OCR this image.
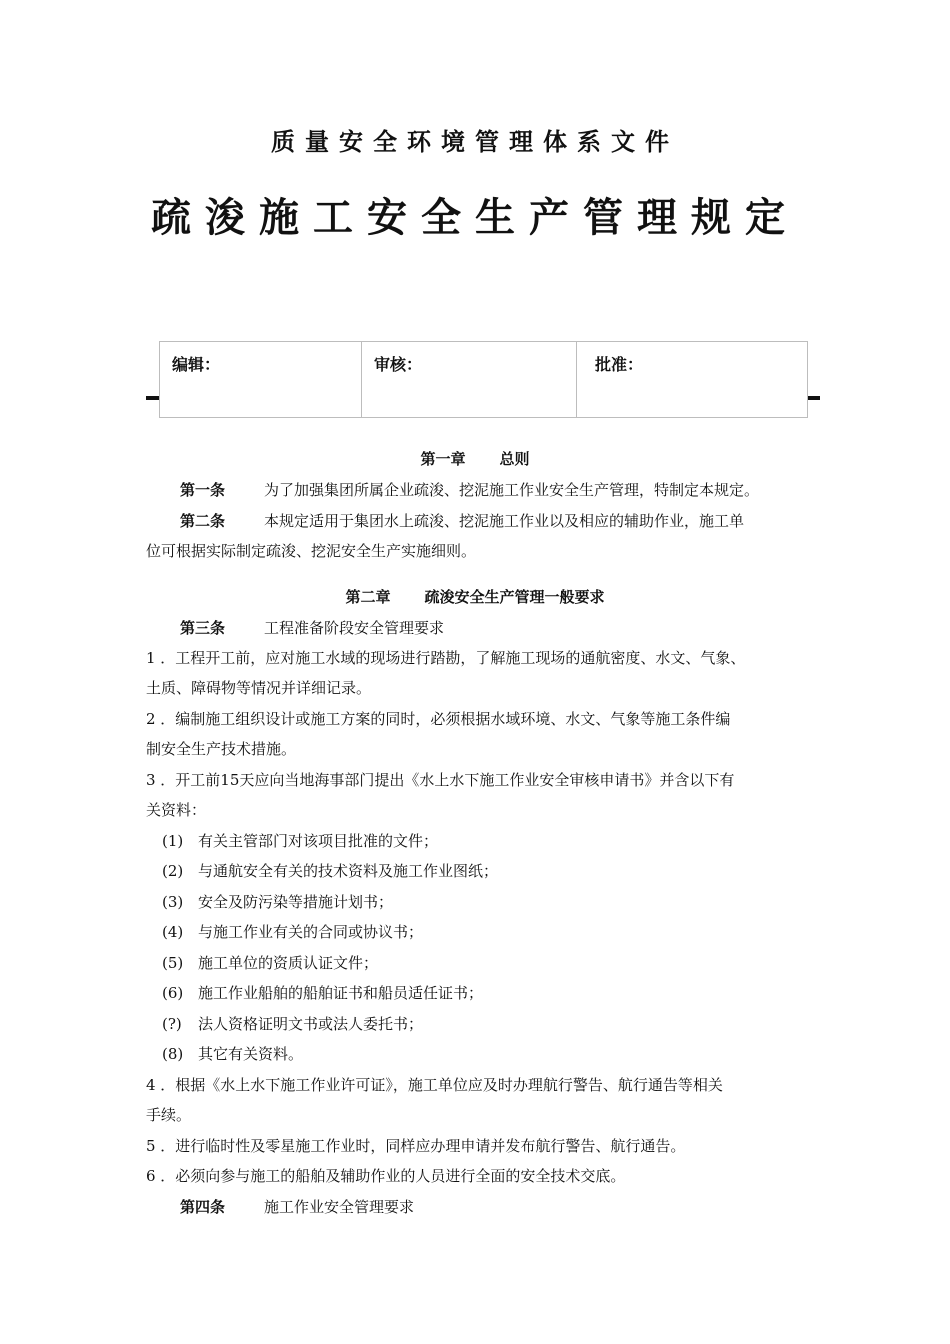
质量安全环境管理体系文件
疏浚施工安全生产管理规定
编辑：	审核：	批准：
第一章 总则
第一条	为了加强集团所属企业疏浚、挖泥施工作业安全生产管理，特制定本规定。
第二条	本规定适用于集团水上疏浚、挖泥施工作业以及相应的辅助作业，施工单
位可根据实际制定疏浚、挖泥安全生产实施细则。
第二章 疏浚安全生产管理一般要求
第三条	工程准备阶段安全管理要求
1 ．工程开工前，应对施工水域的现场进行踏勘，了解施工现场的通航密度、水文、气象、
土质、障碍物等情况并详细记录。
2 ．编制施工组织设计或施工方案的同时，必须根据水域环境、水文、气象等施工条件编
制安全生产技术措施。
3 ．开工前15天应向当地海事部门提出《水上水下施工作业安全审核申请书》并含以下有
关资料：
(1) 有关主管部门对该项目批准的文件；
(2) 与通航安全有关的技术资料及施工作业图纸；
(3) 安全及防污染等措施计划书；
(4) 与施工作业有关的合同或协议书；
(5) 施工单位的资质认证文件；
(6) 施工作业船舶的船舶证书和船员适任证书；
(?) 法人资格证明文书或法人委托书；
(8) 其它有关资料。
4 ．根据《水上水下施工作业许可证》，施工单位应及时办理航行警告、航行通告等相关
手续。
5 ．进行临时性及零星施工作业时，同样应办理申请并发布航行警告、航行通告。
6 ．必须向参与施工的船舶及辅助作业的人员进行全面的安全技术交底。
第四条	施工作业安全管理要求
